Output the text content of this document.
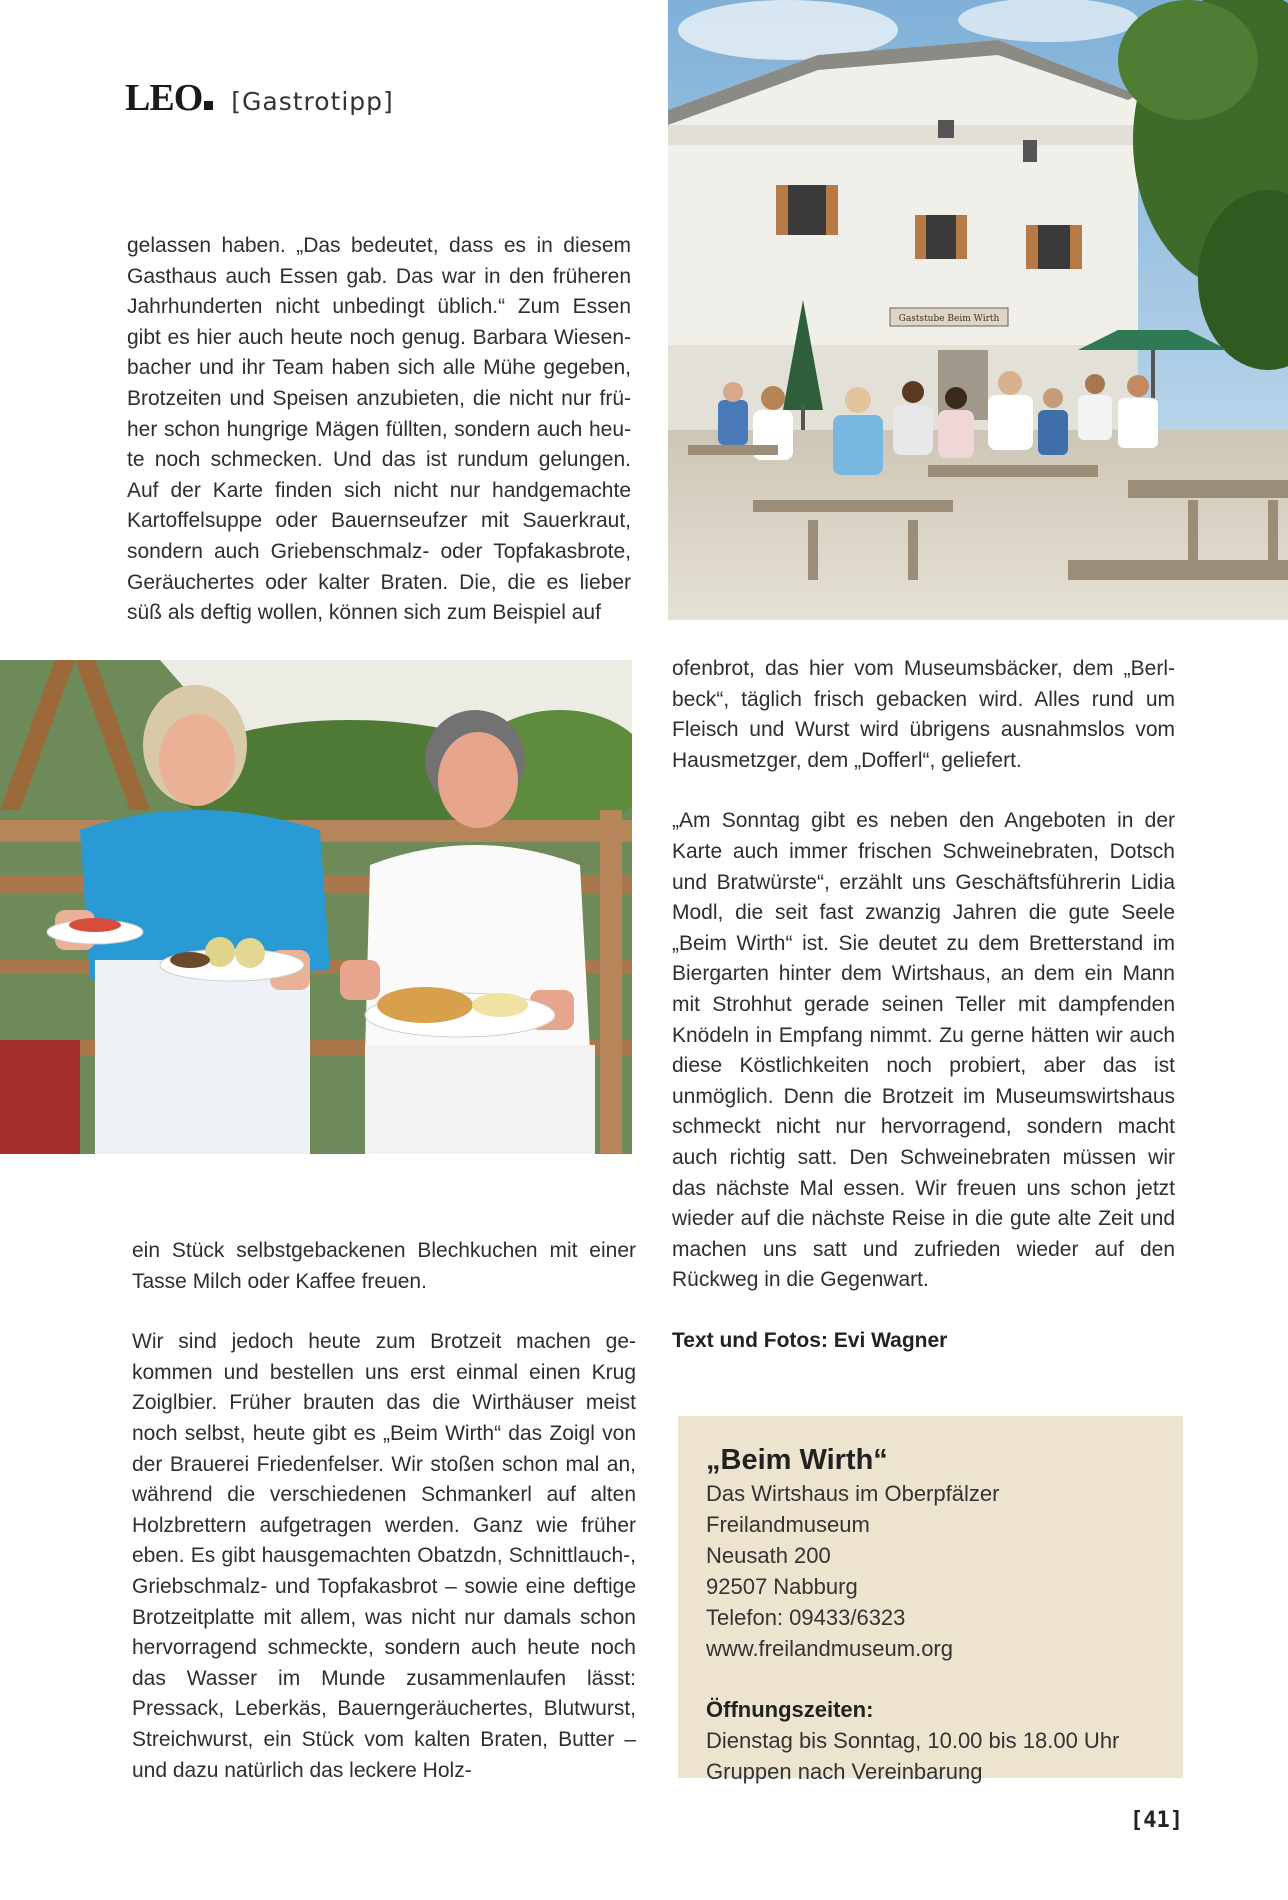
LEO [Gastrotipp]

gelassen haben. „Das bedeutet, dass es in diesem Gasthaus auch Essen gab. Das war in den früheren Jahrhunderten nicht unbedingt üblich.“ Zum Essen gibt es hier auch heute noch genug. Barbara Wiesenbacher und ihr Team haben sich alle Mühe gegeben, Brotzeiten und Speisen anzubieten, die nicht nur früher schon hungrige Mägen füllten, sondern auch heute noch schmecken. Und das ist rundum gelungen. Auf der Karte finden sich nicht nur handgemachte Kartoffelsuppe oder Bauernseufzer mit Sauerkraut, sondern auch Griebenschmalz- oder Topfakasbrote, Geräuchertes oder kalter Braten. Die, die es lieber süß als deftig wollen, können sich zum Beispiel auf

ein Stück selbstgebackenen Blechkuchen mit einer Tasse Milch oder Kaffee freuen.

Wir sind jedoch heute zum Brotzeit machen gekommen und bestellen uns erst einmal einen Krug Zoiglbier. Früher brauten das die Wirthäuser meist noch selbst, heute gibt es „Beim Wirth“ das Zoigl von der Brauerei Friedenfelser. Wir stoßen schon mal an, während die verschiedenen Schmankerl auf alten Holzbrettern aufgetragen werden. Ganz wie früher eben. Es gibt hausgemachten Obatzdn, Schnittlauch-, Griebschmalz- und Topfakasbrot – sowie eine deftige Brotzeitplatte mit allem, was nicht nur damals schon hervorragend schmeckte, sondern auch heute noch das Wasser im Munde zusammenlaufen lässt: Pressack, Leberkäs, Bauerngeräuchertes, Blutwurst, Streichwurst, ein Stück vom kalten Braten, Butter – und dazu natürlich das leckere Holz-

ofenbrot, das hier vom Museumsbäcker, dem „Berlbeck“, täglich frisch gebacken wird. Alles rund um Fleisch und Wurst wird übrigens ausnahmslos vom Hausmetzger, dem „Dofferl“, geliefert.

„Am Sonntag gibt es neben den Angeboten in der Karte auch immer frischen Schweinebraten, Dotsch und Bratwürste“, erzählt uns Geschäftsführerin Lidia Modl, die seit fast zwanzig Jahren die gute Seele „Beim Wirth“ ist. Sie deutet zu dem Bretterstand im Biergarten hinter dem Wirtshaus, an dem ein Mann mit Strohhut gerade seinen Teller mit dampfenden Knödeln in Empfang nimmt. Zu gerne hätten wir auch diese Köstlichkeiten noch probiert, aber das ist unmöglich. Denn die Brotzeit im Museumswirtshaus schmeckt nicht nur hervorragend, sondern macht auch richtig satt. Den Schweinebraten müssen wir das nächste Mal essen. Wir freuen uns schon jetzt wieder auf die nächste Reise in die gute alte Zeit und machen uns satt und zufrieden wieder auf den Rückweg in die Gegenwart.

Text und Fotos: Evi Wagner

Gaststube Beim Wirth
„Beim Wirth“
Das Wirtshaus im Oberpfälzer Freilandmuseum
Neusath 200
92507 Nabburg
Telefon: 09433/6323
www.freilandmuseum.org
Öffnungszeiten:
Dienstag bis Sonntag, 10.00 bis 18.00 Uhr
Gruppen nach Vereinbarung
[41]
